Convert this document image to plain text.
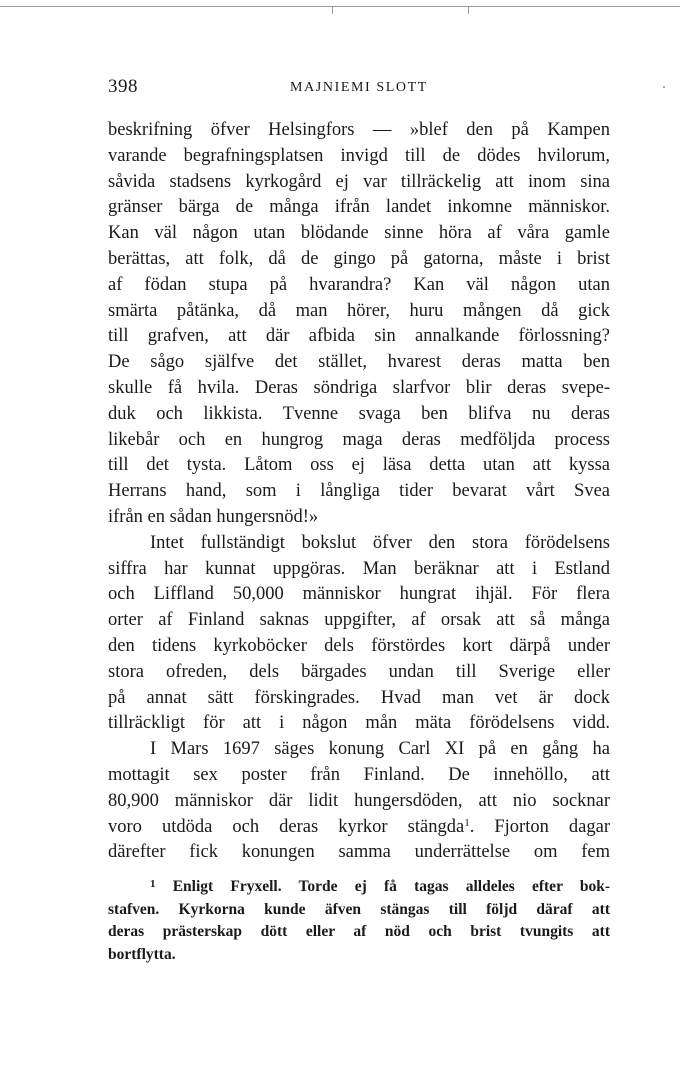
398	MAJNIEMI SLOTT
beskrifning öfver Helsingfors — »blef den på Kampen
varande begrafningsplatsen invigd till de dödes hvilorum,
såvida stadsens kyrkogård ej var tillräckelig att inom sina
gränser bärga de många ifrån landet inkomne människor.
Kan väl någon utan blödande sinne höra af våra gamle
berättas, att folk, då de gingo på gatorna, måste i brist
af födan stupa på hvarandra? Kan väl någon utan
smärta påtänka, då man hörer, huru mången då gick
till grafven, att där afbida sin annalkande förlossning?
De sågo själfve det stället, hvarest deras matta ben
skulle få hvila. Deras söndriga slarfvor blir deras svepe-
duk och likkista. Tvenne svaga ben blifva nu deras
likebår och en hungrog maga deras medföljda process
till det tysta. Låtom oss ej läsa detta utan att kyssa
Herrans hand, som i långliga tider bevarat vårt Svea
ifrån en sådan hungersnöd!»
Intet fullständigt bokslut öfver den stora förödelsens
siffra har kunnat uppgöras. Man beräknar att i Estland
och Liffland 50,000 människor hungrat ihjäl. För flera
orter af Finland saknas uppgifter, af orsak att så många
den tidens kyrkoböcker dels förstördes kort därpå under
stora ofreden, dels bärgades undan till Sverige eller
på annat sätt förskingrades. Hvad man vet är dock
tillräckligt för att i någon mån mäta förödelsens vidd.
I Mars 1697 säges konung Carl XI på en gång ha
mottagit sex poster från Finland. De innehöllo, att
80,900 människor där lidit hungersdöden, att nio socknar
voro utdöda och deras kyrkor stängda$^1$. Fjorton dagar
därefter fick konungen samma underrättelse om fem
$^1$ Enligt Fryxell. Torde ej få tagas alldeles efter bok-
stafven. Kyrkorna kunde äfven stängas till följd däraf att
deras prästerskap dött eller af nöd och brist tvungits att
bortflytta.
